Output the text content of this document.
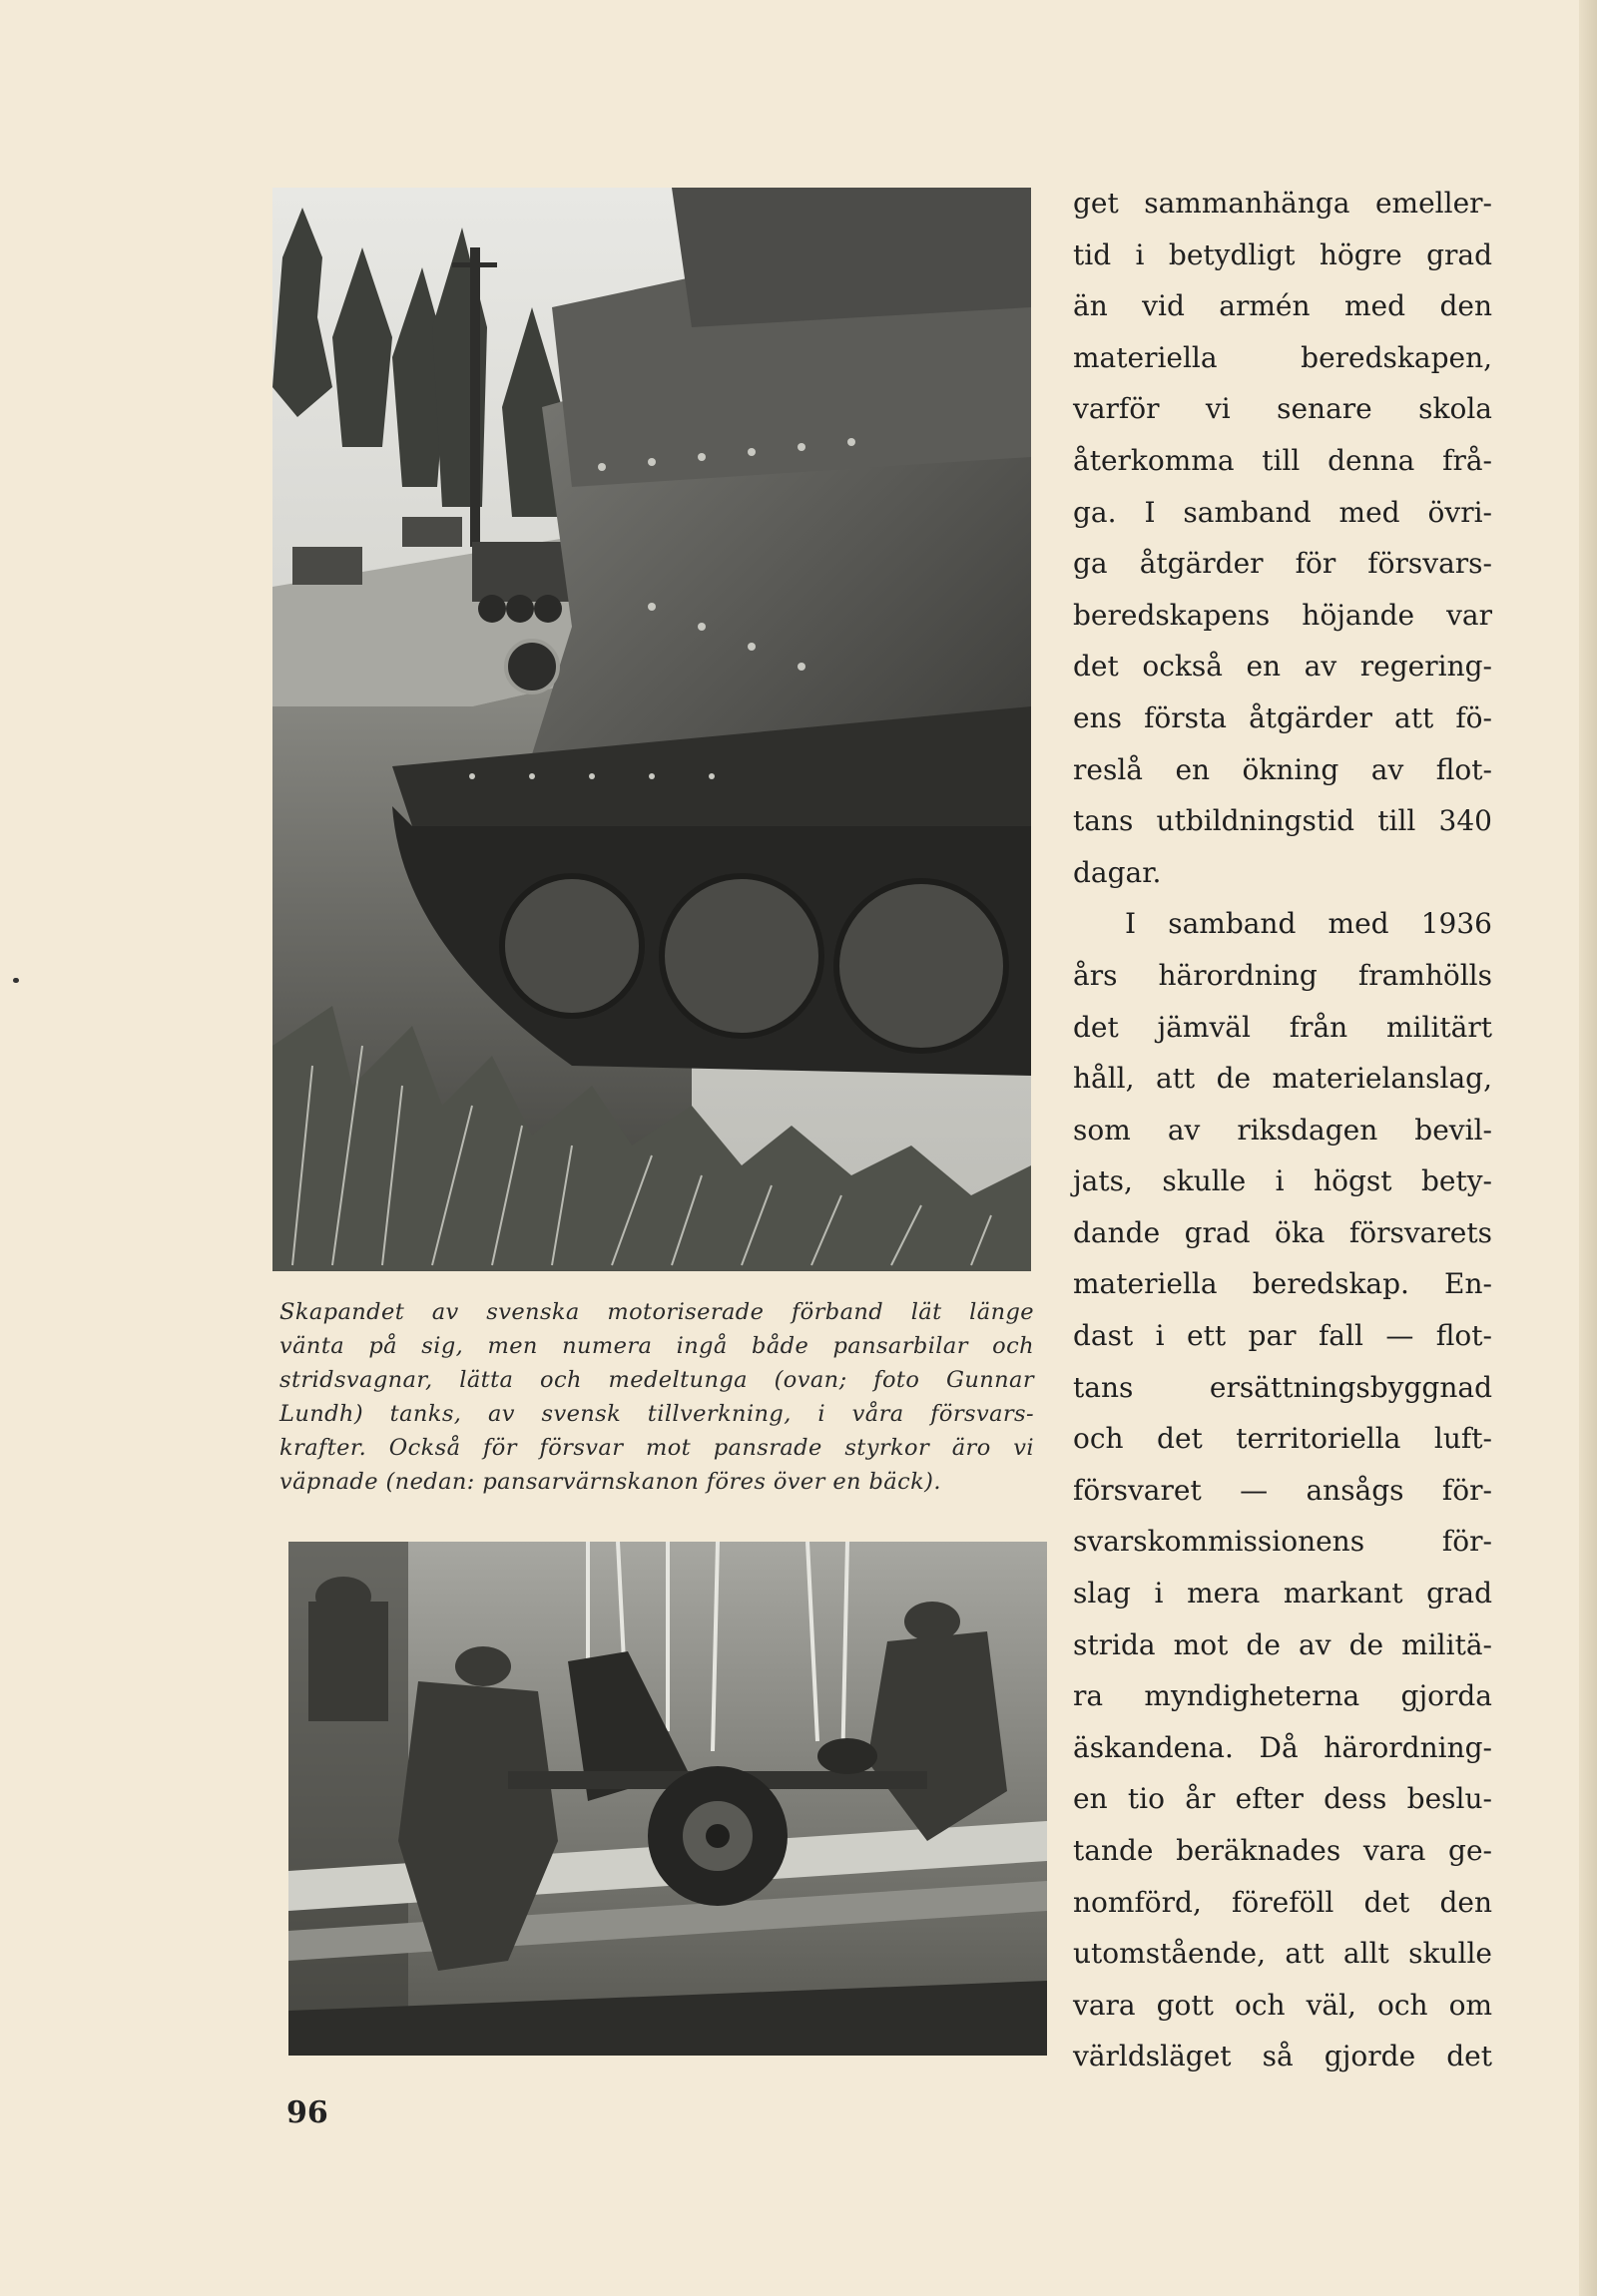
Skapandet av svenska motoriserade förband lät länge
vänta på sig, men numera ingå både pansarbilar och
stridsvagnar, lätta och medeltunga (ovan; foto Gunnar
Lundh) tanks, av svensk tillverkning, i våra försvars-
krafter. Också för försvar mot pansrade styrkor äro vi
väpnade (nedan: pansarvärnskanon föres över en bäck).

get sammanhänga emeller-
tid i betydligt högre grad
än vid armén med den
materiella beredskapen,
varför vi senare skola
återkomma till denna frå-
ga. I samband med övri-
ga åtgärder för försvars-
beredskapens höjande var
det också en av regering-
ens första åtgärder att fö-
reslå en ökning av flot-
tans utbildningstid till 340
dagar.
I samband med 1936
års härordning framhölls
det jämväl från militärt
håll, att de materielanslag,
som av riksdagen bevil-
jats, skulle i högst bety-
dande grad öka försvarets
materiella beredskap. En-
dast i ett par fall — flot-
tans ersättningsbyggnad
och det territoriella luft-
försvaret — ansågs för-
svarskommissionens för-
slag i mera markant grad
strida mot de av de militä-
ra myndigheterna gjorda
äskandena. Då härordning-
en tio år efter dess beslu-
tande beräknades vara ge-
nomförd, föreföll det den
utomstående, att allt skulle
vara gott och väl, och om
världsläget så gjorde det
96
